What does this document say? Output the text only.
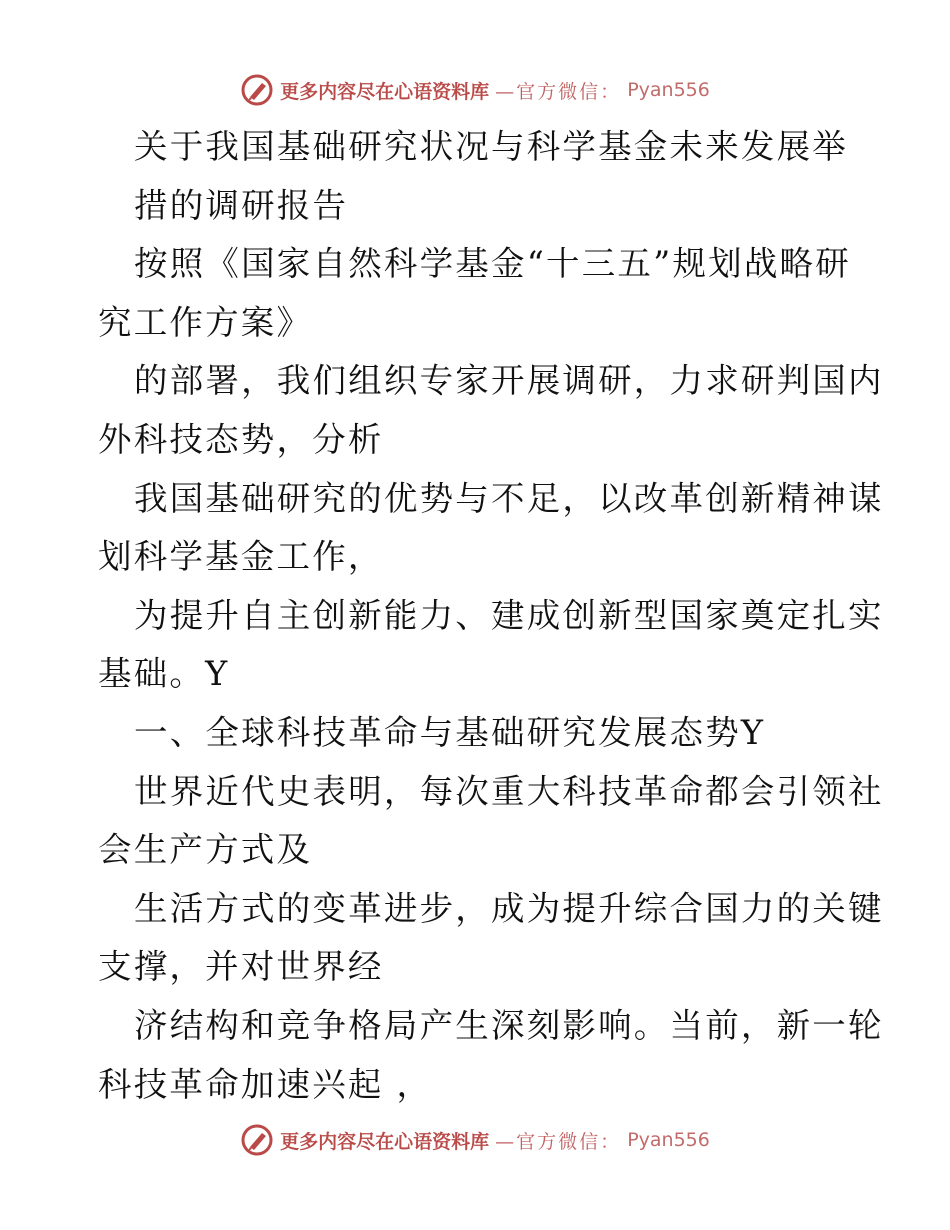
更多内容尽在心语资料库 —官方微信： Pyan556
关于我国基础研究状况与科学基金未来发展举
措的调研报告
按照《国家自然科学基金“十三五”规划战略研
究工作方案》
的部署，我们组织专家开展调研，力求研判国内
外科技态势，分析
我国基础研究的优势与不足，以改革创新精神谋
划科学基金工作，
为提升自主创新能力、建成创新型国家奠定扎实
基础。Y
一、全球科技革命与基础研究发展态势Y
世界近代史表明，每次重大科技革命都会引领社
会生产方式及
生活方式的变革进步，成为提升综合国力的关键
支撑，并对世界经
济结构和竞争格局产生深刻影响。当前，新一轮
科技革命加速兴起 ，
更多内容尽在心语资料库 —官方微信： Pyan556
